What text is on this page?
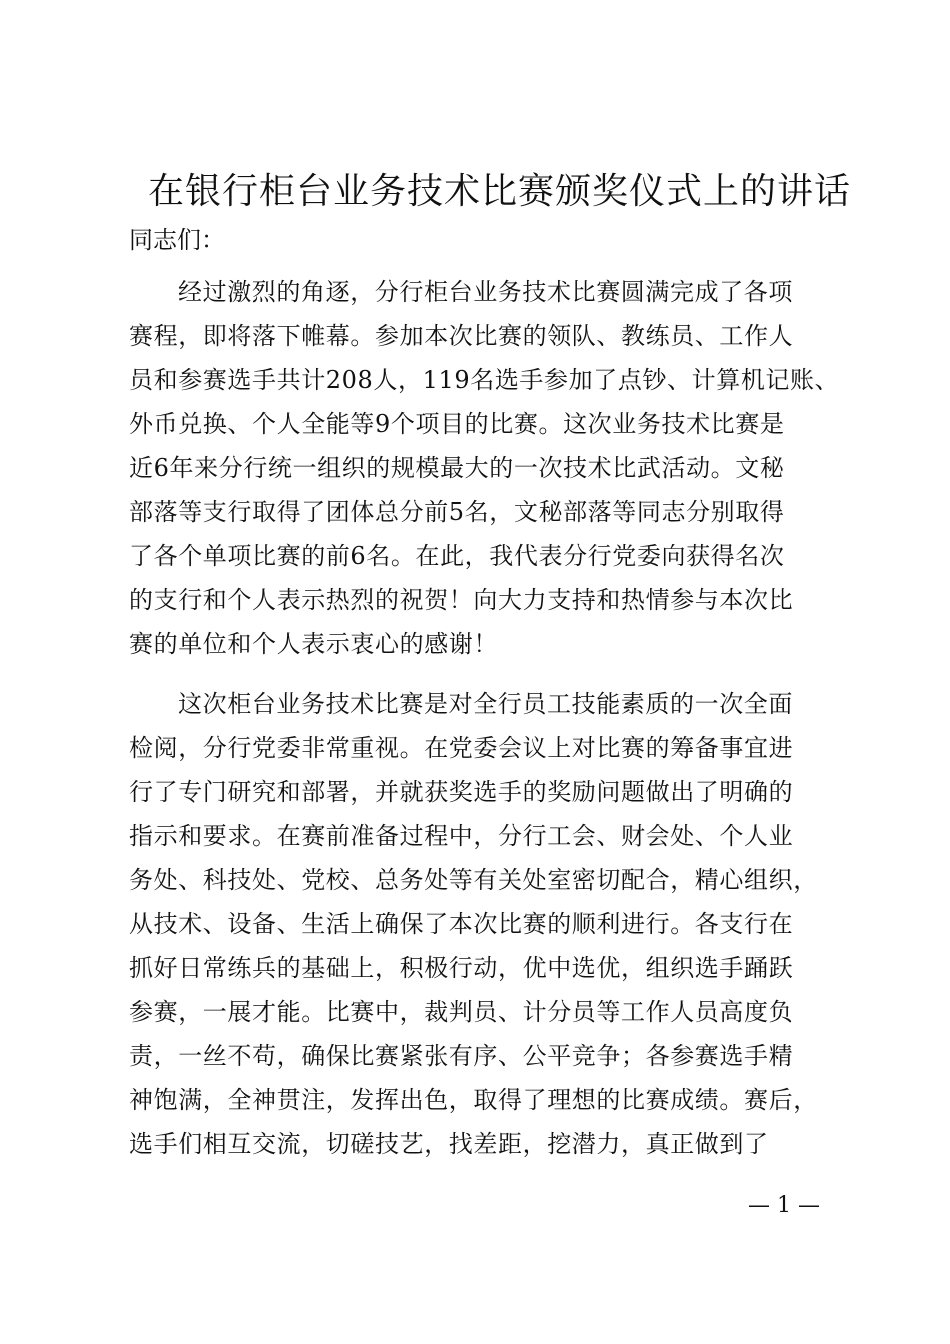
在银行柜台业务技术比赛颁奖仪式上的讲话
同志们：
经过激烈的角逐，分行柜台业务技术比赛圆满完成了各项
赛程，即将落下帷幕。参加本次比赛的领队、教练员、工作人
员和参赛选手共计208人，119名选手参加了点钞、计算机记账、
外币兑换、个人全能等9个项目的比赛。这次业务技术比赛是
近6年来分行统一组织的规模最大的一次技术比武活动。文秘
部落等支行取得了团体总分前5名，文秘部落等同志分别取得
了各个单项比赛的前6名。在此，我代表分行党委向获得名次
的支行和个人表示热烈的祝贺！向大力支持和热情参与本次比
赛的单位和个人表示衷心的感谢！
这次柜台业务技术比赛是对全行员工技能素质的一次全面
检阅，分行党委非常重视。在党委会议上对比赛的筹备事宜进
行了专门研究和部署，并就获奖选手的奖励问题做出了明确的
指示和要求。在赛前准备过程中，分行工会、财会处、个人业
务处、科技处、党校、总务处等有关处室密切配合，精心组织，
从技术、设备、生活上确保了本次比赛的顺利进行。各支行在
抓好日常练兵的基础上，积极行动，优中选优，组织选手踊跃
参赛，一展才能。比赛中，裁判员、计分员等工作人员高度负
责，一丝不苟，确保比赛紧张有序、公平竞争；各参赛选手精
神饱满，全神贯注，发挥出色，取得了理想的比赛成绩。赛后，
选手们相互交流，切磋技艺，找差距，挖潜力，真正做到了
— 1 —
